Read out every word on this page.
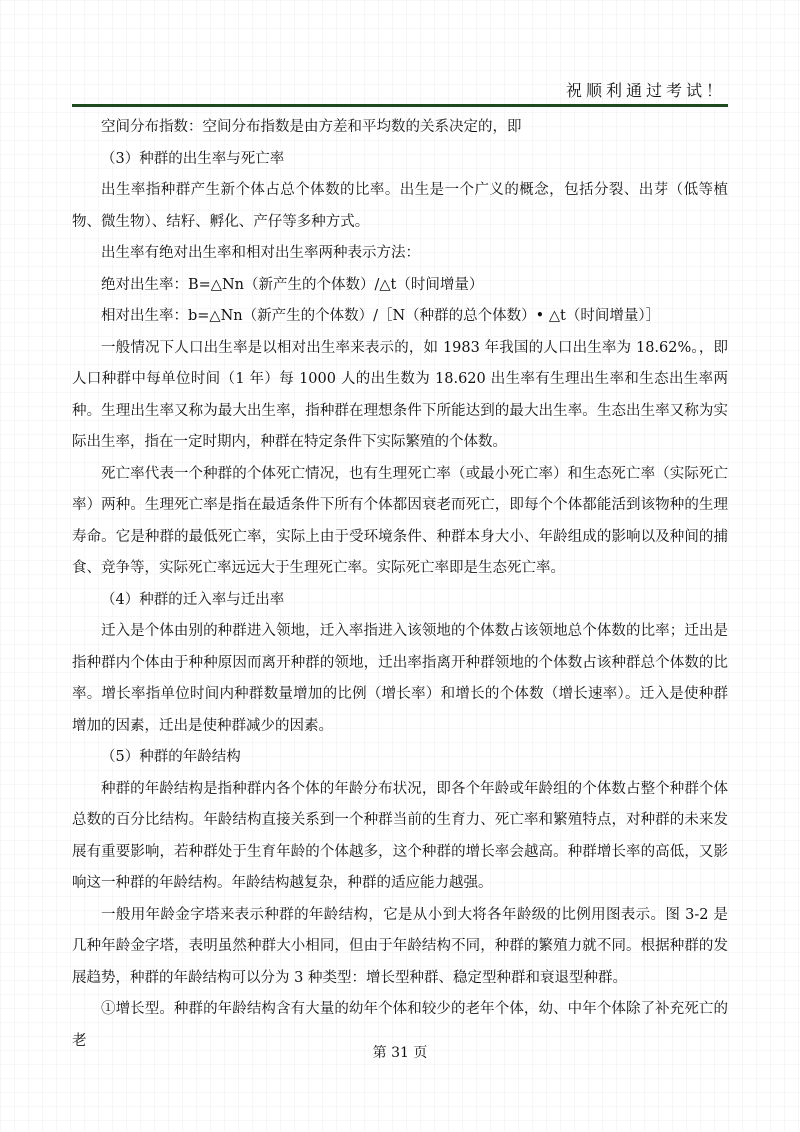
祝顺利通过考试！

空间分布指数：空间分布指数是由方差和平均数的关系决定的，即

（3）种群的出生率与死亡率

出生率指种群产生新个体占总个体数的比率。出生是一个广义的概念，包括分裂、出芽（低等植物、微生物）、结籽、孵化、产仔等多种方式。

出生率有绝对出生率和相对出生率两种表示方法：

绝对出生率：B=△Nn（新产生的个体数）/△t（时间增量）

相对出生率：b=△Nn（新产生的个体数）/［N（种群的总个体数）• △t（时间增量）］

一般情况下人口出生率是以相对出生率来表示的，如 1983 年我国的人口出生率为 18.62%。，即人口种群中每单位时间（1 年）每 1000 人的出生数为 18.620 出生率有生理出生率和生态出生率两种。生理出生率又称为最大出生率，指种群在理想条件下所能达到的最大出生率。生态出生率又称为实际出生率，指在一定时期内，种群在特定条件下实际繁殖的个体数。

死亡率代表一个种群的个体死亡情况，也有生理死亡率（或最小死亡率）和生态死亡率（实际死亡率）两种。生理死亡率是指在最适条件下所有个体都因衰老而死亡，即每个个体都能活到该物种的生理寿命。它是种群的最低死亡率，实际上由于受环境条件、种群本身大小、年龄组成的影响以及种间的捕食、竞争等，实际死亡率远远大于生理死亡率。实际死亡率即是生态死亡率。

（4）种群的迁入率与迁出率

迁入是个体由别的种群进入领地，迁入率指进入该领地的个体数占该领地总个体数的比率；迁出是指种群内个体由于种种原因而离开种群的领地，迁出率指离开种群领地的个体数占该种群总个体数的比率。增长率指单位时间内种群数量增加的比例（增长率）和增长的个体数（增长速率）。迁入是使种群增加的因素，迁出是使种群减少的因素。

（5）种群的年龄结构

种群的年龄结构是指种群内各个体的年龄分布状况，即各个年龄或年龄组的个体数占整个种群个体总数的百分比结构。年龄结构直接关系到一个种群当前的生育力、死亡率和繁殖特点，对种群的未来发展有重要影响，若种群处于生育年龄的个体越多，这个种群的增长率会越高。种群增长率的高低，又影响这一种群的年龄结构。年龄结构越复杂，种群的适应能力越强。

一般用年龄金字塔来表示种群的年龄结构，它是从小到大将各年龄级的比例用图表示。图 3-2 是几种年龄金字塔，表明虽然种群大小相同，但由于年龄结构不同，种群的繁殖力就不同。根据种群的发展趋势，种群的年龄结构可以分为 3 种类型：增长型种群、稳定型种群和衰退型种群。

①增长型。种群的年龄结构含有大量的幼年个体和较少的老年个体，幼、中年个体除了补充死亡的老

第 31 页
